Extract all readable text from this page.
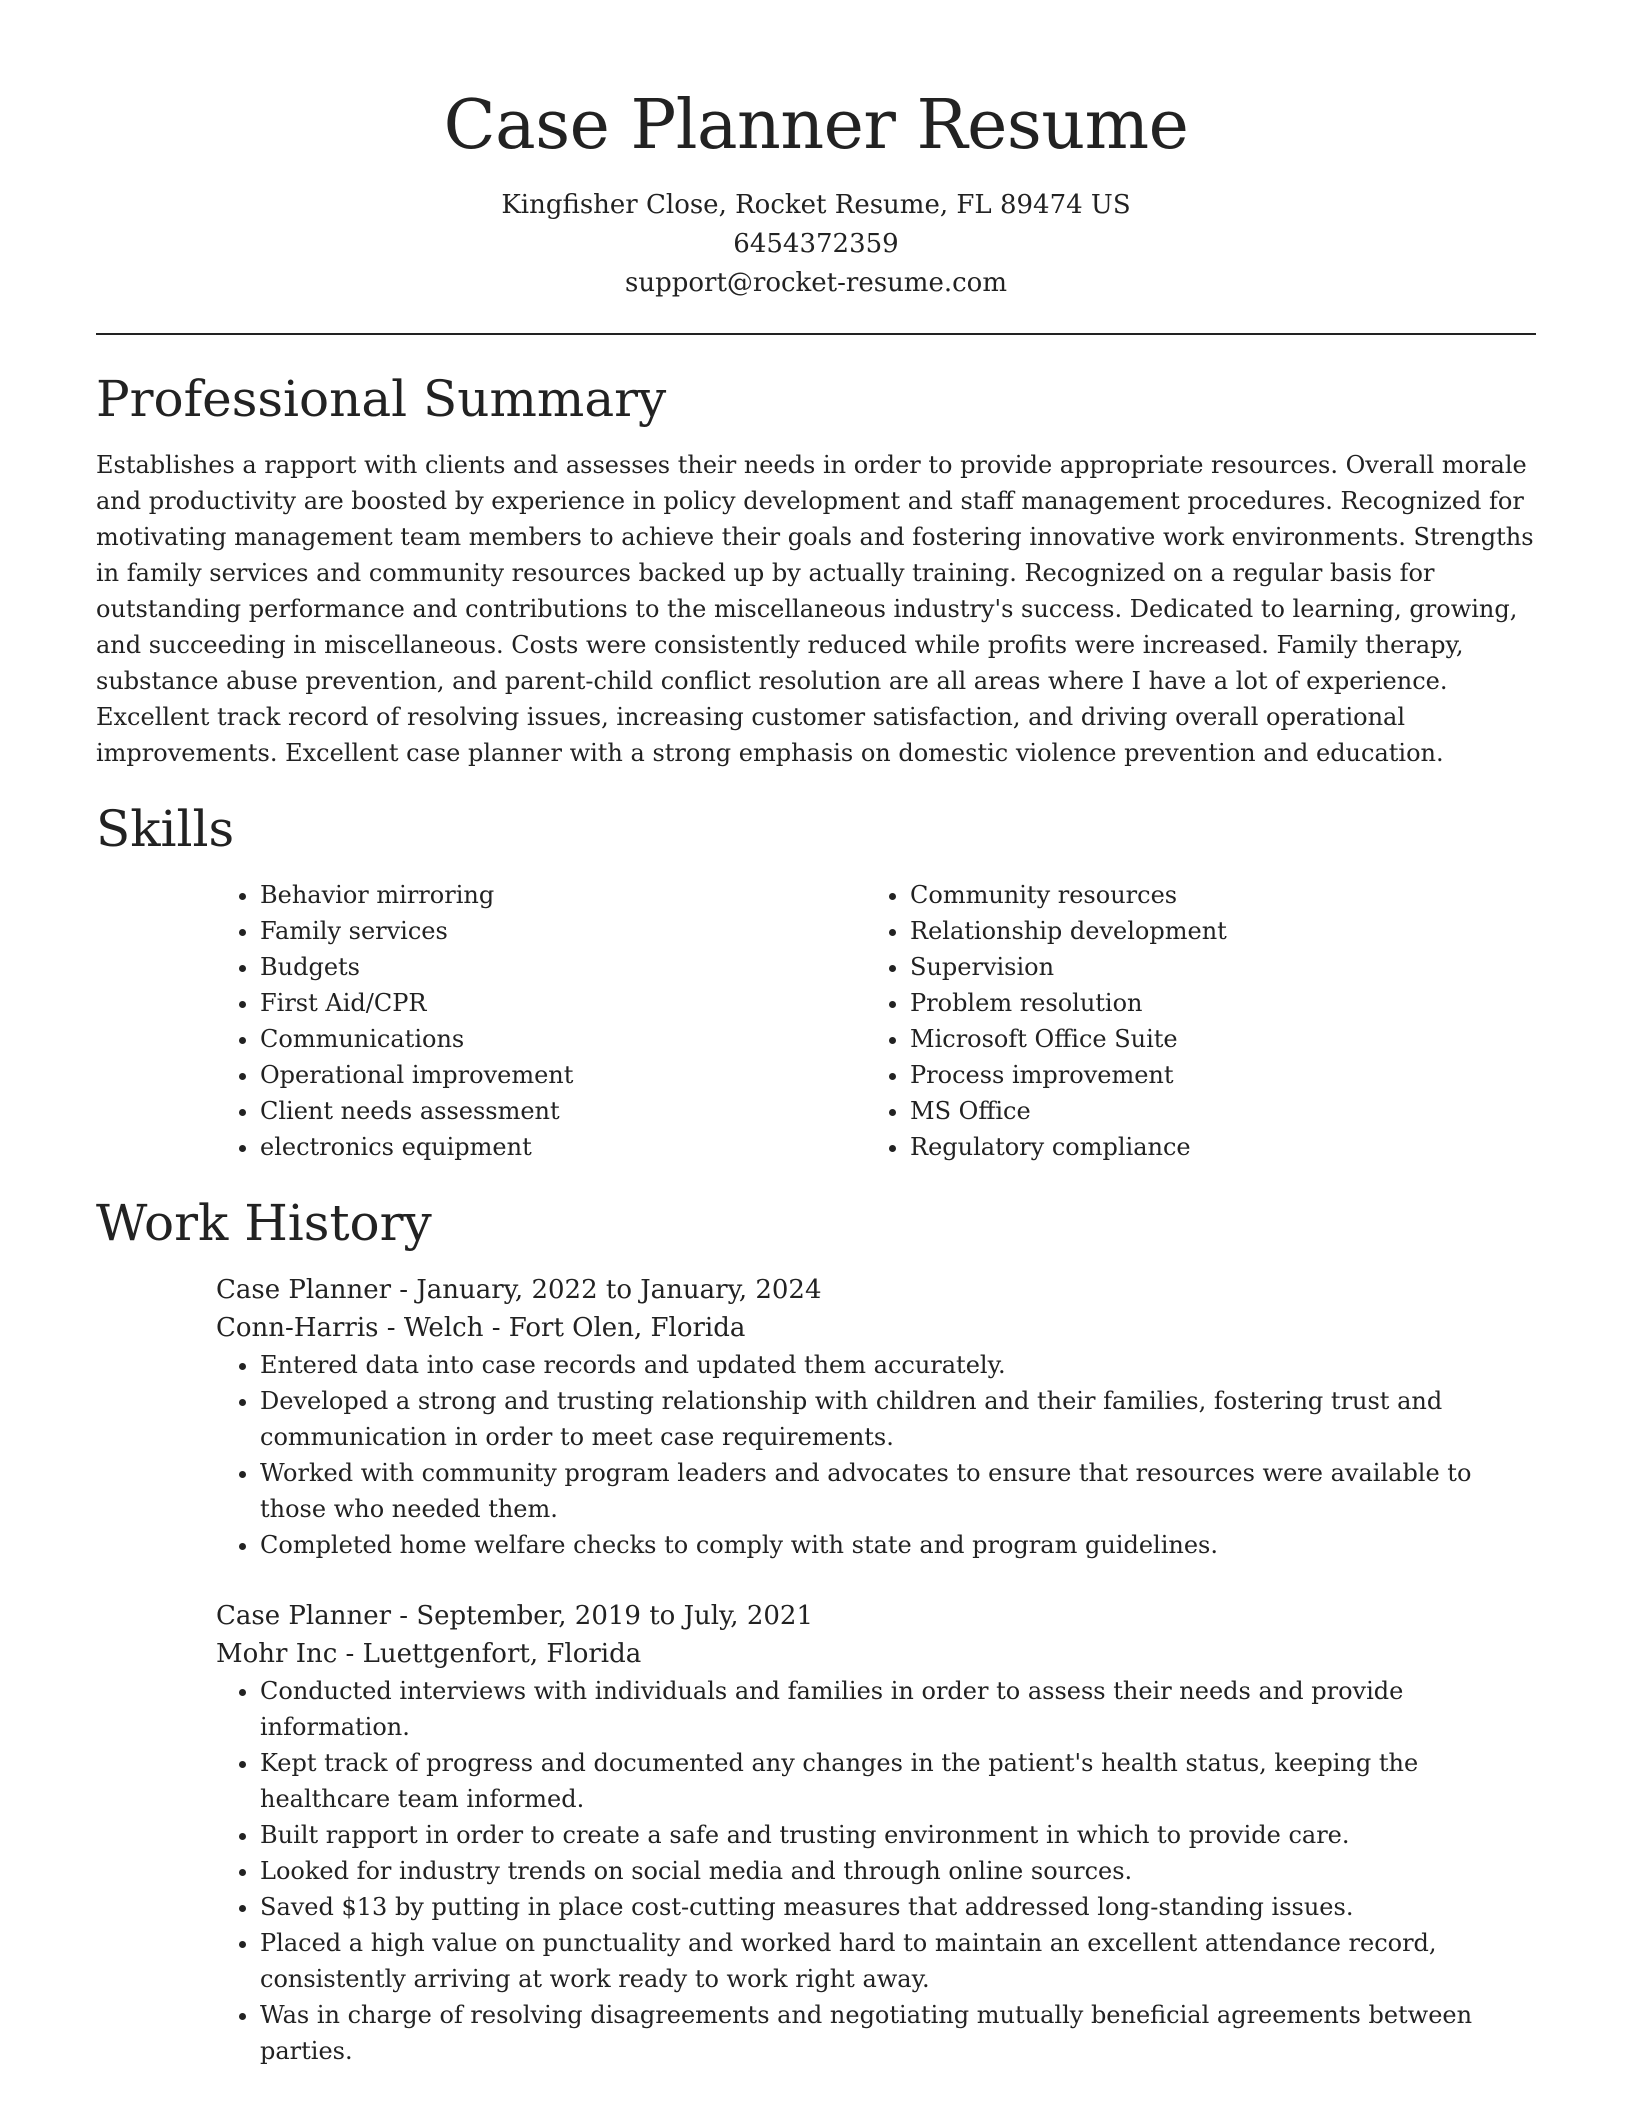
Case Planner Resume
Kingfisher Close, Rocket Resume, FL 89474 US
6454372359
support@rocket-resume.com
Professional Summary

Establishes a rapport with clients and assesses their needs in order to provide appropriate resources. Overall morale and productivity are boosted by experience in policy development and staff management procedures. Recognized for motivating management team members to achieve their goals and fostering innovative work environments. Strengths in family services and community resources backed up by actually training. Recognized on a regular basis for outstanding performance and contributions to the miscellaneous industry's success. Dedicated to learning, growing, and succeeding in miscellaneous. Costs were consistently reduced while profits were increased. Family therapy, substance abuse prevention, and parent-child conflict resolution are all areas where I have a lot of experience. Excellent track record of resolving issues, increasing customer satisfaction, and driving overall operational improvements. Excellent case planner with a strong emphasis on domestic violence prevention and education.

Skills
• Behavior mirroring
• Family services
• Budgets
• First Aid/CPR
• Communications
• Operational improvement
• Client needs assessment
• electronics equipment
• Community resources
• Relationship development
• Supervision
• Problem resolution
• Microsoft Office Suite
• Process improvement
• MS Office
• Regulatory compliance
Work History
Case Planner - January, 2022 to January, 2024
Conn-Harris - Welch - Fort Olen, Florida
• Entered data into case records and updated them accurately.
• Developed a strong and trusting relationship with children and their families, fostering trust and communication in order to meet case requirements.
• Worked with community program leaders and advocates to ensure that resources were available to those who needed them.
• Completed home welfare checks to comply with state and program guidelines.
Case Planner - September, 2019 to July, 2021
Mohr Inc - Luettgenfort, Florida
• Conducted interviews with individuals and families in order to assess their needs and provide information.
• Kept track of progress and documented any changes in the patient's health status, keeping the healthcare team informed.
• Built rapport in order to create a safe and trusting environment in which to provide care.
• Looked for industry trends on social media and through online sources.
• Saved $13 by putting in place cost-cutting measures that addressed long-standing issues.
• Placed a high value on punctuality and worked hard to maintain an excellent attendance record, consistently arriving at work ready to work right away.
• Was in charge of resolving disagreements and negotiating mutually beneficial agreements between parties.
